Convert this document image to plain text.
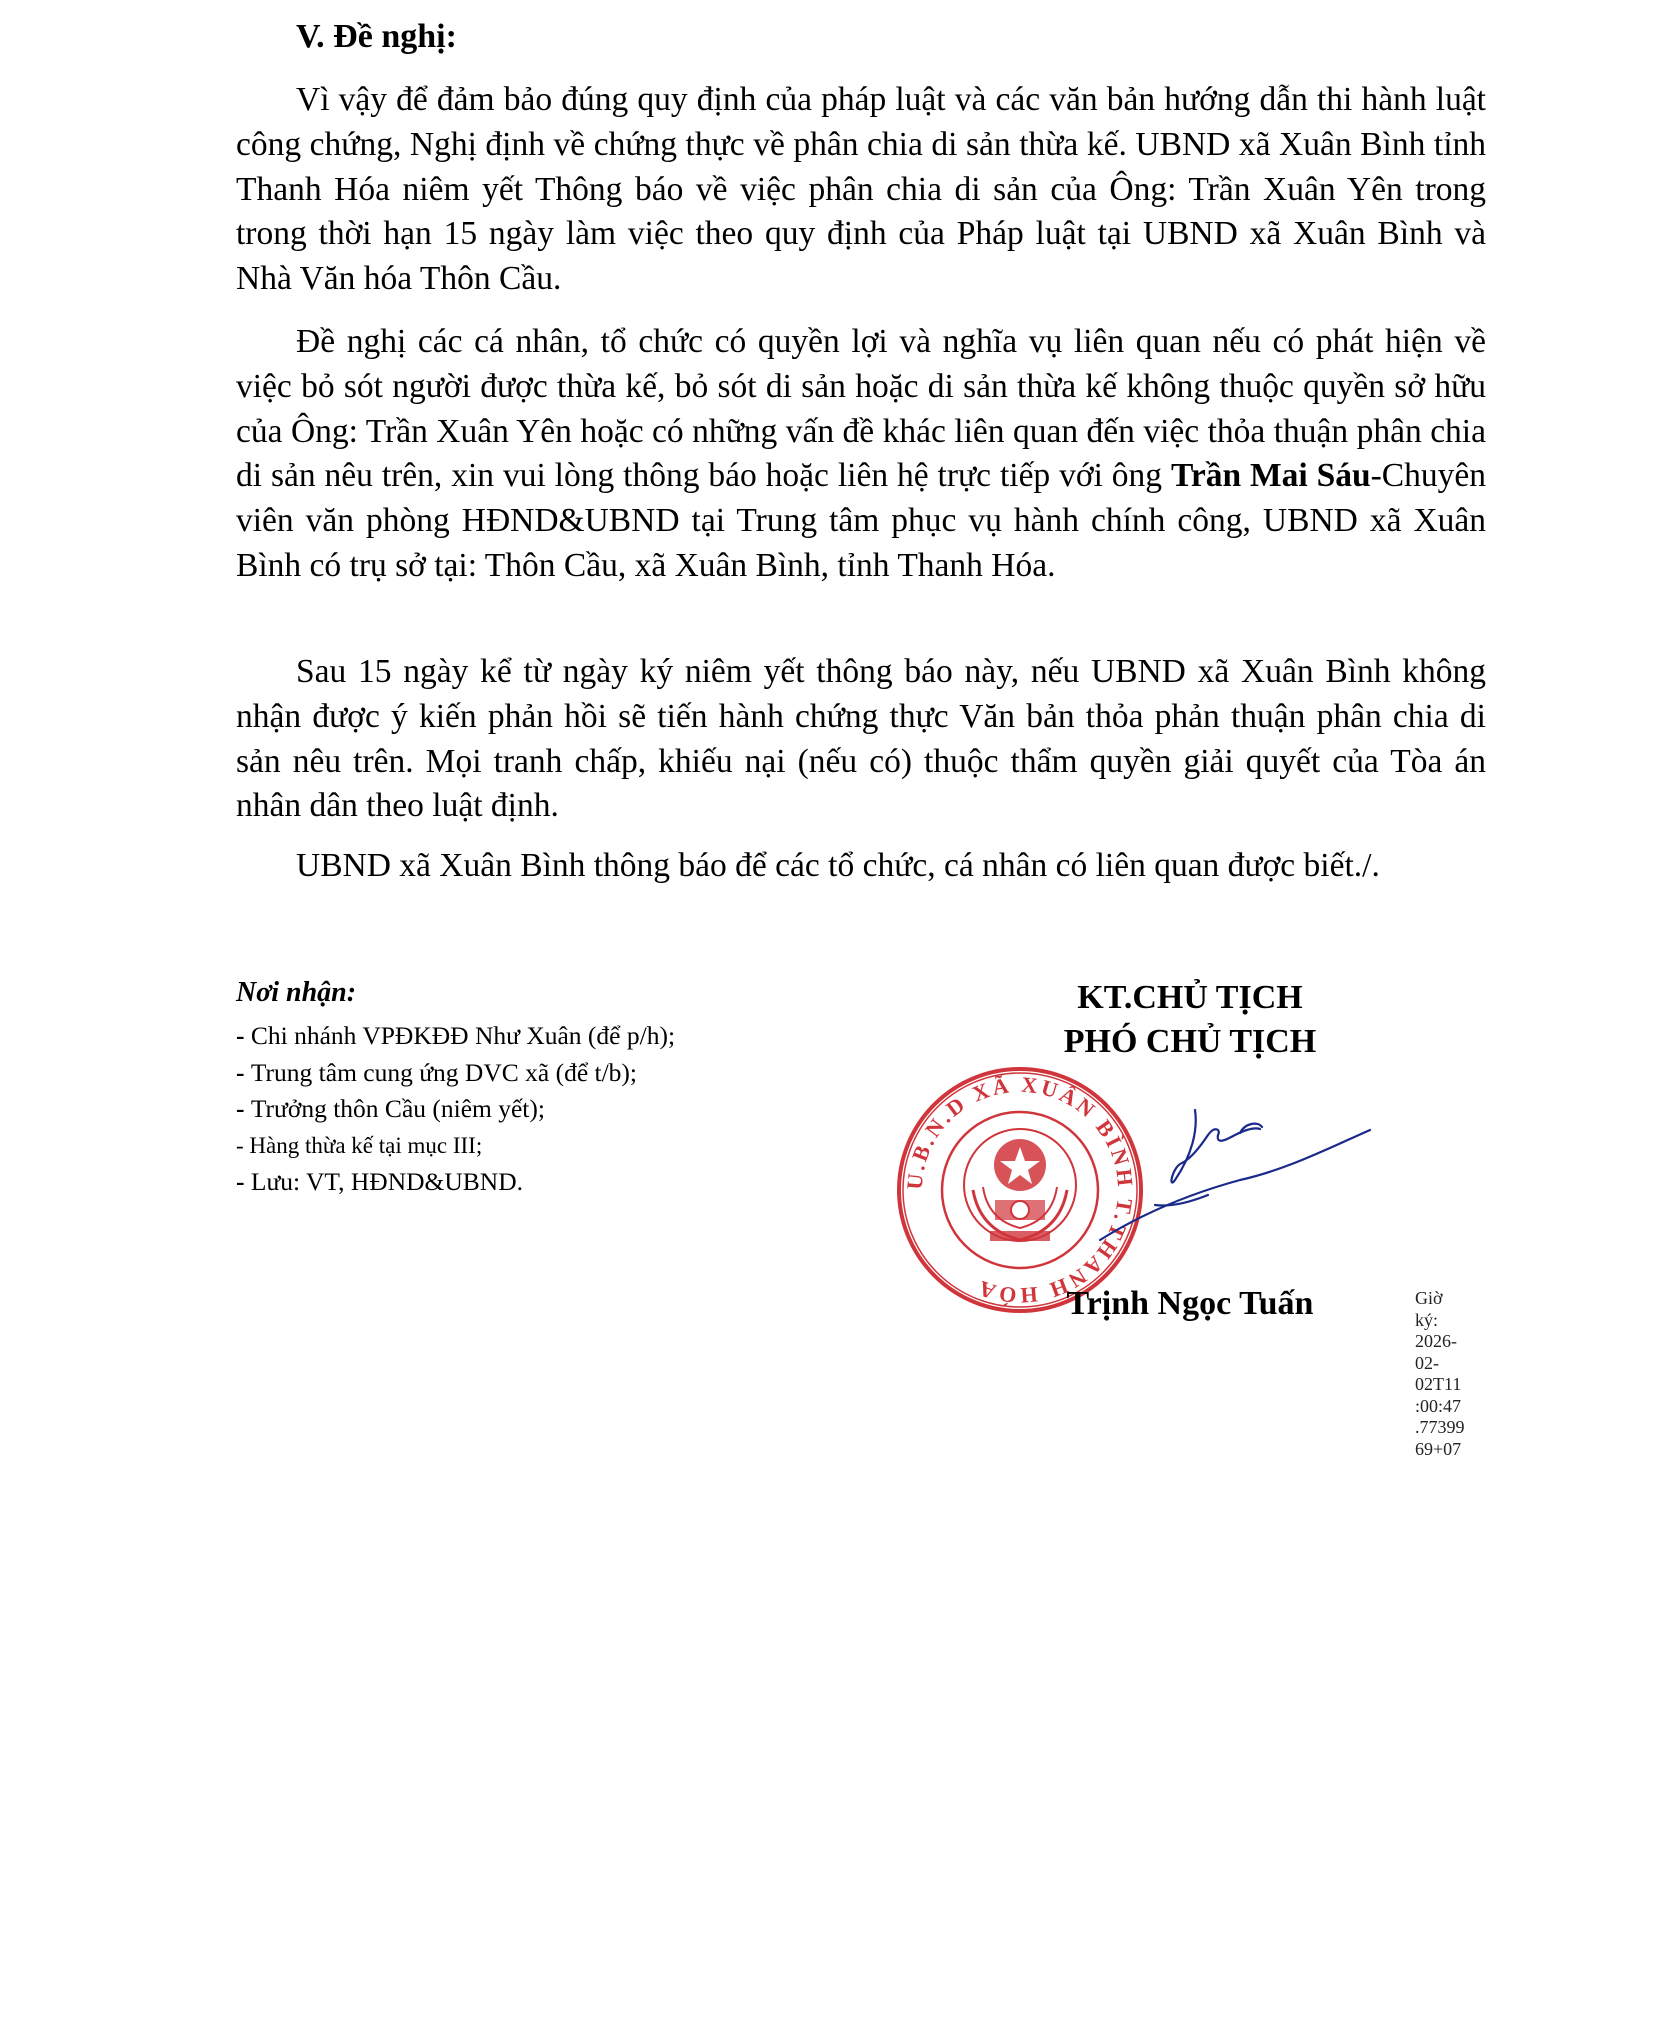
V. Đề nghị:

Vì vậy để đảm bảo đúng quy định của pháp luật và các văn bản hướng dẫn thi hành luật công chứng, Nghị định về chứng thực về phân chia di sản thừa kế. UBND xã Xuân Bình tỉnh Thanh Hóa niêm yết Thông báo về việc phân chia di sản của Ông: Trần Xuân Yên trong trong thời hạn 15 ngày làm việc theo quy định của Pháp luật tại UBND xã Xuân Bình và Nhà Văn hóa Thôn Cầu.

Đề nghị các cá nhân, tổ chức có quyền lợi và nghĩa vụ liên quan nếu có phát hiện về việc bỏ sót người được thừa kế, bỏ sót di sản hoặc di sản thừa kế không thuộc quyền sở hữu của Ông: Trần Xuân Yên hoặc có những vấn đề khác liên quan đến việc thỏa thuận phân chia di sản nêu trên, xin vui lòng thông báo hoặc liên hệ trực tiếp với ông Trần Mai Sáu-Chuyên viên văn phòng HĐND&UBND tại Trung tâm phục vụ hành chính công, UBND xã Xuân Bình có trụ sở tại: Thôn Cầu, xã Xuân Bình, tỉnh Thanh Hóa.

Sau 15 ngày kể từ ngày ký niêm yết thông báo này, nếu UBND xã Xuân Bình không nhận được ý kiến phản hồi sẽ tiến hành chứng thực Văn bản thỏa phản thuận phân chia di sản nêu trên. Mọi tranh chấp, khiếu nại (nếu có) thuộc thẩm quyền giải quyết của Tòa án nhân dân theo luật định.

UBND xã Xuân Bình thông báo để các tổ chức, cá nhân có liên quan được biết./.

Nơi nhận:

- Chi nhánh VPĐKĐĐ Như Xuân (để p/h);
- Trung tâm cung ứng DVC xã (để t/b);
- Trưởng thôn Cầu (niêm yết);
- Hàng thừa kế tại mục III;
- Lưu: VT, HĐND&UBND.
KT.CHỦ TỊCH
PHÓ CHỦ TỊCH
U.B.N.D XÃ XUÂN BÌNH T.THANH HÓA	Trịnh Ngọc Tuấn	Giờ
ký:
2026-
02-
02T11
:00:47
.77399
69+07
